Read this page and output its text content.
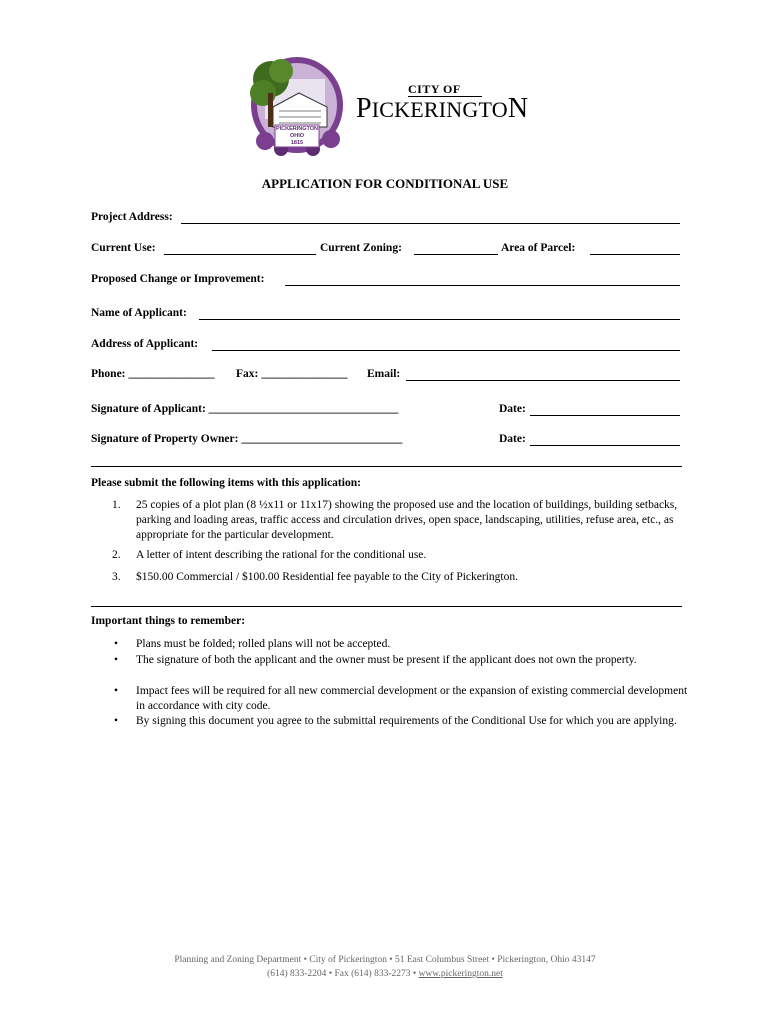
PICKERINGTON
OHIO
1815
CITY OF
PICKERINGTON
APPLICATION FOR CONDITIONAL USE
Project Address:
Current Use:	Current Zoning:	Area of Parcel:
Proposed Change or Improvement:
Name of Applicant:
Address of Applicant:
Phone: _______________ Fax: _______________ Email:
Signature of Applicant: _________________________________	Date:
Signature of Property Owner: ____________________________	Date:
Please submit the following items with this application:
1. 25 copies of a plot plan (8 ½x11 or 11x17) showing the proposed use and the location of buildings, building setbacks, parking and loading areas, traffic access and circulation drives, open space, landscaping, utilities, refuse area, etc., as appropriate for the particular development.
2. A letter of intent describing the rational for the conditional use.
3. $150.00 Commercial / $100.00 Residential fee payable to the City of Pickerington.
Important things to remember:
• Plans must be folded; rolled plans will not be accepted.
• The signature of both the applicant and the owner must be present if the applicant does not own the property.
• Impact fees will be required for all new commercial development or the expansion of existing commercial development in accordance with city code.
• By signing this document you agree to the submittal requirements of the Conditional Use for which you are applying.
Planning and Zoning Department • City of Pickerington • 51 East Columbus Street • Pickerington, Ohio 43147
(614) 833-2204 • Fax (614) 833-2273 • www.pickerington.net
